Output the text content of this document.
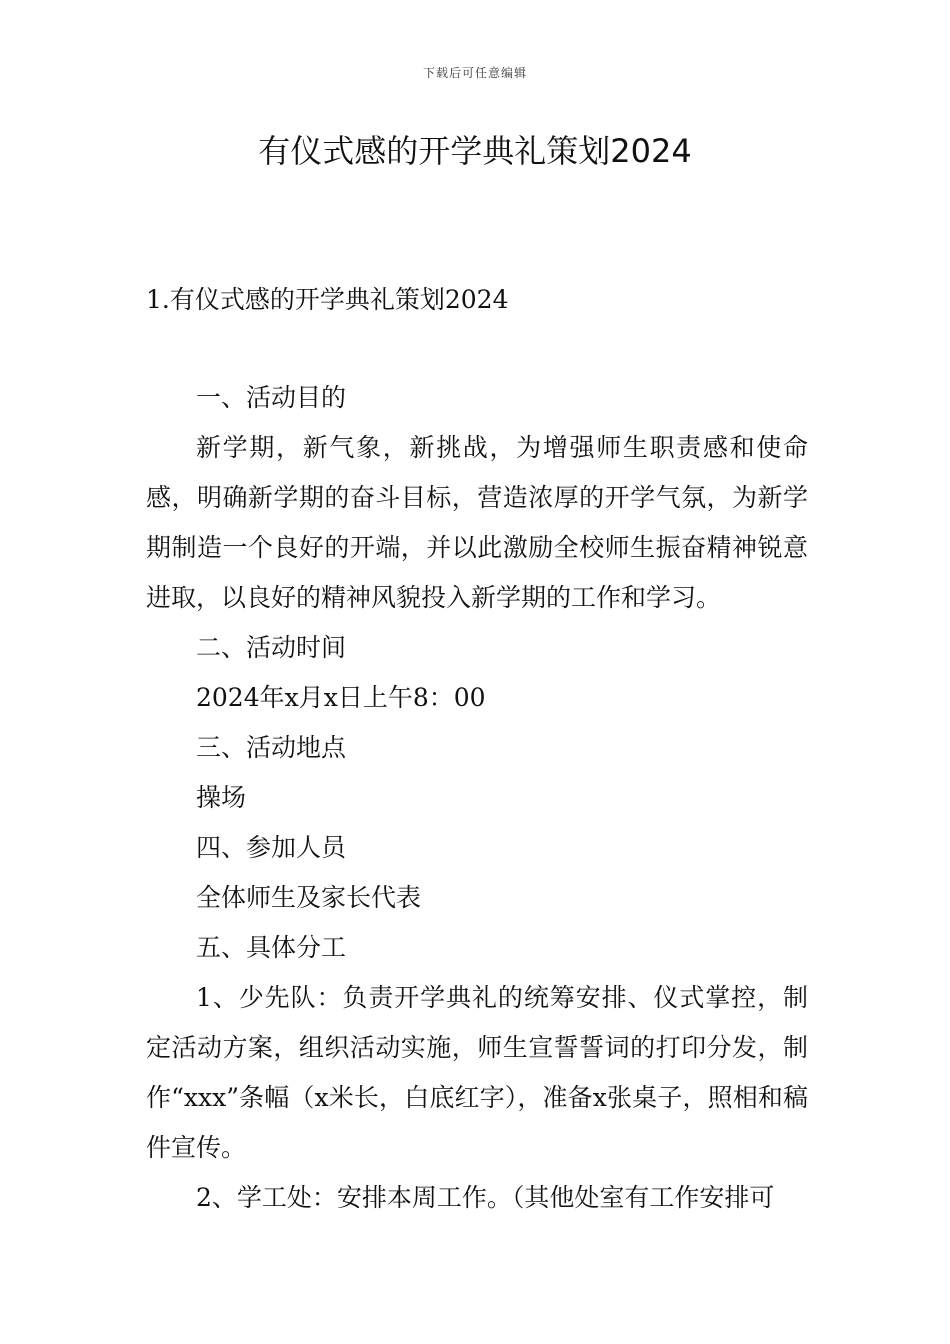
下载后可任意编辑
有仪式感的开学典礼策划2024
1.有仪式感的开学典礼策划2024

一、活动目的

新学期，新气象，新挑战，为增强师生职责感和使命感，明确新学期的奋斗目标，营造浓厚的开学气氛，为新学期制造一个良好的开端，并以此激励全校师生振奋精神锐意进取，以良好的精神风貌投入新学期的工作和学习。

二、活动时间

2024年x月x日上午8：00

三、活动地点

操场

四、参加人员

全体师生及家长代表

五、具体分工

1、少先队：负责开学典礼的统筹安排、仪式掌控，制定活动方案，组织活动实施，师生宣誓誓词的打印分发，制作“xxx”条幅（x米长，白底红字），准备x张桌子，照相和稿件宣传。

2、学工处：安排本周工作。（其他处室有工作安排可
